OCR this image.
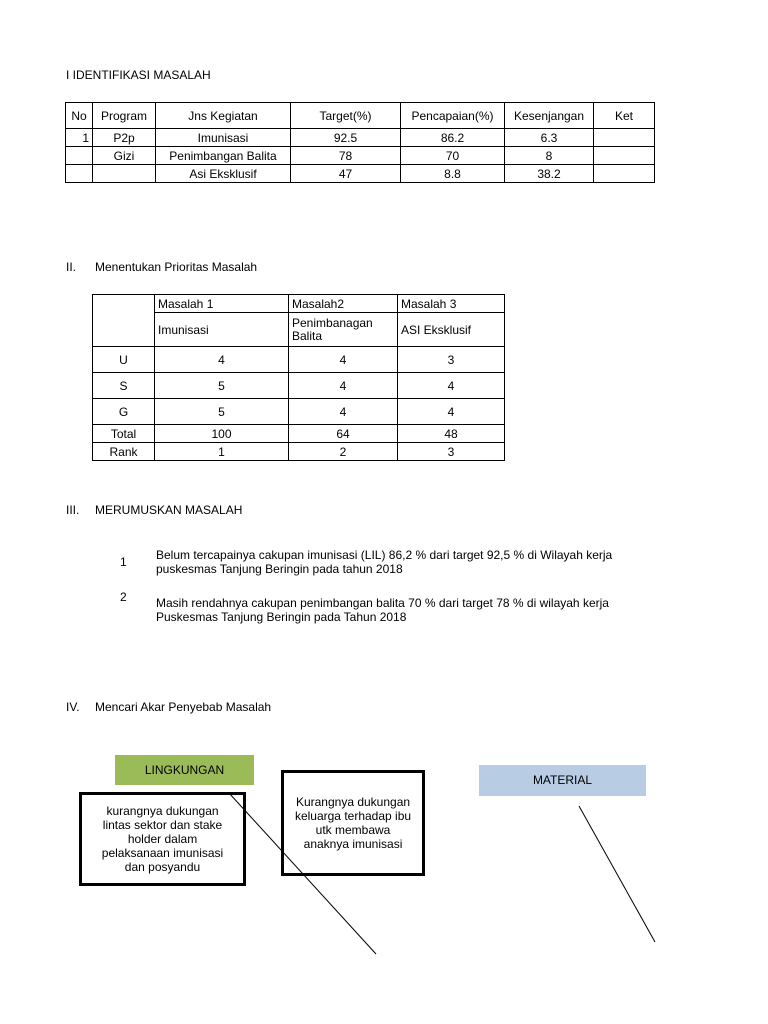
I IDENTIFIKASI MASALAH
No	Program	Jns Kegiatan	Target(%)	Pencapaian(%)	Kesenjangan	Ket
1	P2p	Imunisasi	92.5	86.2	6.3	
	Gizi	Penimbangan Balita	78	70	8	
		Asi Eksklusif	47	8.8	38.2	
II. Menentukan Prioritas Masalah
	Masalah 1	Masalah2	Masalah 3
	Imunisasi	Penimbanagan Balita	ASI Eksklusif
U	4	4	3
S	5	4	4
G	5	4	4
Total	100	64	48
Rank	1	2	3
III. MERUMUSKAN MASALAH
1 Belum tercapainya cakupan imunisasi (LIL) 86,2 % dari target 92,5 % di Wilayah kerja puskesmas Tanjung Beringin pada tahun 2018
2 Masih rendahnya cakupan penimbangan balita 70 % dari target 78 % di wilayah kerja Puskesmas Tanjung Beringin pada Tahun 2018
IV. Mencari Akar Penyebab Masalah
LINGKUNGAN
MATERIAL
kurangnya dukungan lintas sektor dan stake holder dalam pelaksanaan imunisasi dan posyandu
Kurangnya dukungan keluarga terhadap ibu utk membawa anaknya imunisasi
